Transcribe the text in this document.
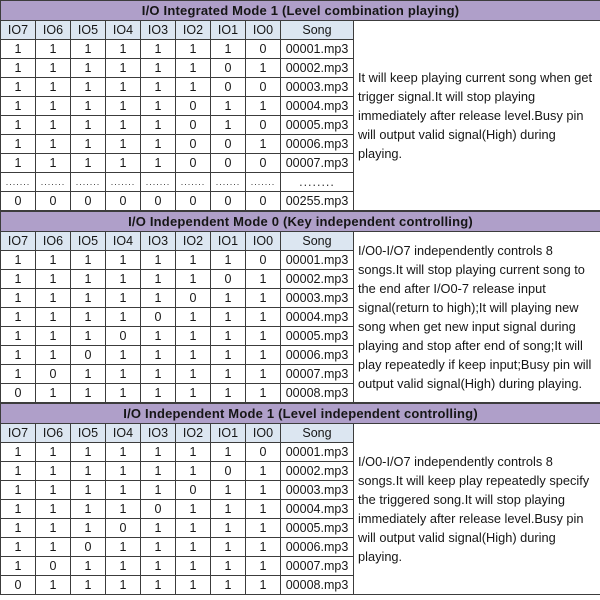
I/O Integrated Mode 1 (Level combination playing)									
IO7	IO6	IO5	IO4	IO3	IO2	IO1	IO0	Song	It will keep playing current song when get trigger signal.It will stop playing immediately after release level.Busy pin will output valid signal(High) during playing.
1	1	1	1	1	1	1	0	00001.mp3	
1	1	1	1	1	1	0	1	00002.mp3	
1	1	1	1	1	1	0	0	00003.mp3	
1	1	1	1	1	0	1	1	00004.mp3	
1	1	1	1	1	0	1	0	00005.mp3	
1	1	1	1	1	0	0	1	00006.mp3	
1	1	1	1	1	0	0	0	00007.mp3	
.......	.......	.......	.......	.......	.......	.......	.......	........	
0	0	0	0	0	0	0	0	00255.mp3	
I/O Independent Mode 0 (Key independent controlling)									
IO7	IO6	IO5	IO4	IO3	IO2	IO1	IO0	Song	I/O0-I/O7 independently controls 8 songs.It will stop playing current song to the end after I/O0-7 release input signal(return to high);It will playing new song when get new input signal during playing and stop after end of song;It will play repeatedly if keep input;Busy pin will output valid signal(High) during playing.
1	1	1	1	1	1	1	0	00001.mp3	
1	1	1	1	1	1	0	1	00002.mp3	
1	1	1	1	1	0	1	1	00003.mp3	
1	1	1	1	0	1	1	1	00004.mp3	
1	1	1	0	1	1	1	1	00005.mp3	
1	1	0	1	1	1	1	1	00006.mp3	
1	0	1	1	1	1	1	1	00007.mp3	
0	1	1	1	1	1	1	1	00008.mp3	
I/O Independent Mode 1 (Level independent controlling)									
IO7	IO6	IO5	IO4	IO3	IO2	IO1	IO0	Song	I/O0-I/O7 independently controls 8 songs.It will keep play repeatedly specify the triggered song.It will stop playing immediately after release level.Busy pin will output valid signal(High) during playing.
1	1	1	1	1	1	1	0	00001.mp3	
1	1	1	1	1	1	0	1	00002.mp3	
1	1	1	1	1	0	1	1	00003.mp3	
1	1	1	1	0	1	1	1	00004.mp3	
1	1	1	0	1	1	1	1	00005.mp3	
1	1	0	1	1	1	1	1	00006.mp3	
1	0	1	1	1	1	1	1	00007.mp3	
0	1	1	1	1	1	1	1	00008.mp3	
